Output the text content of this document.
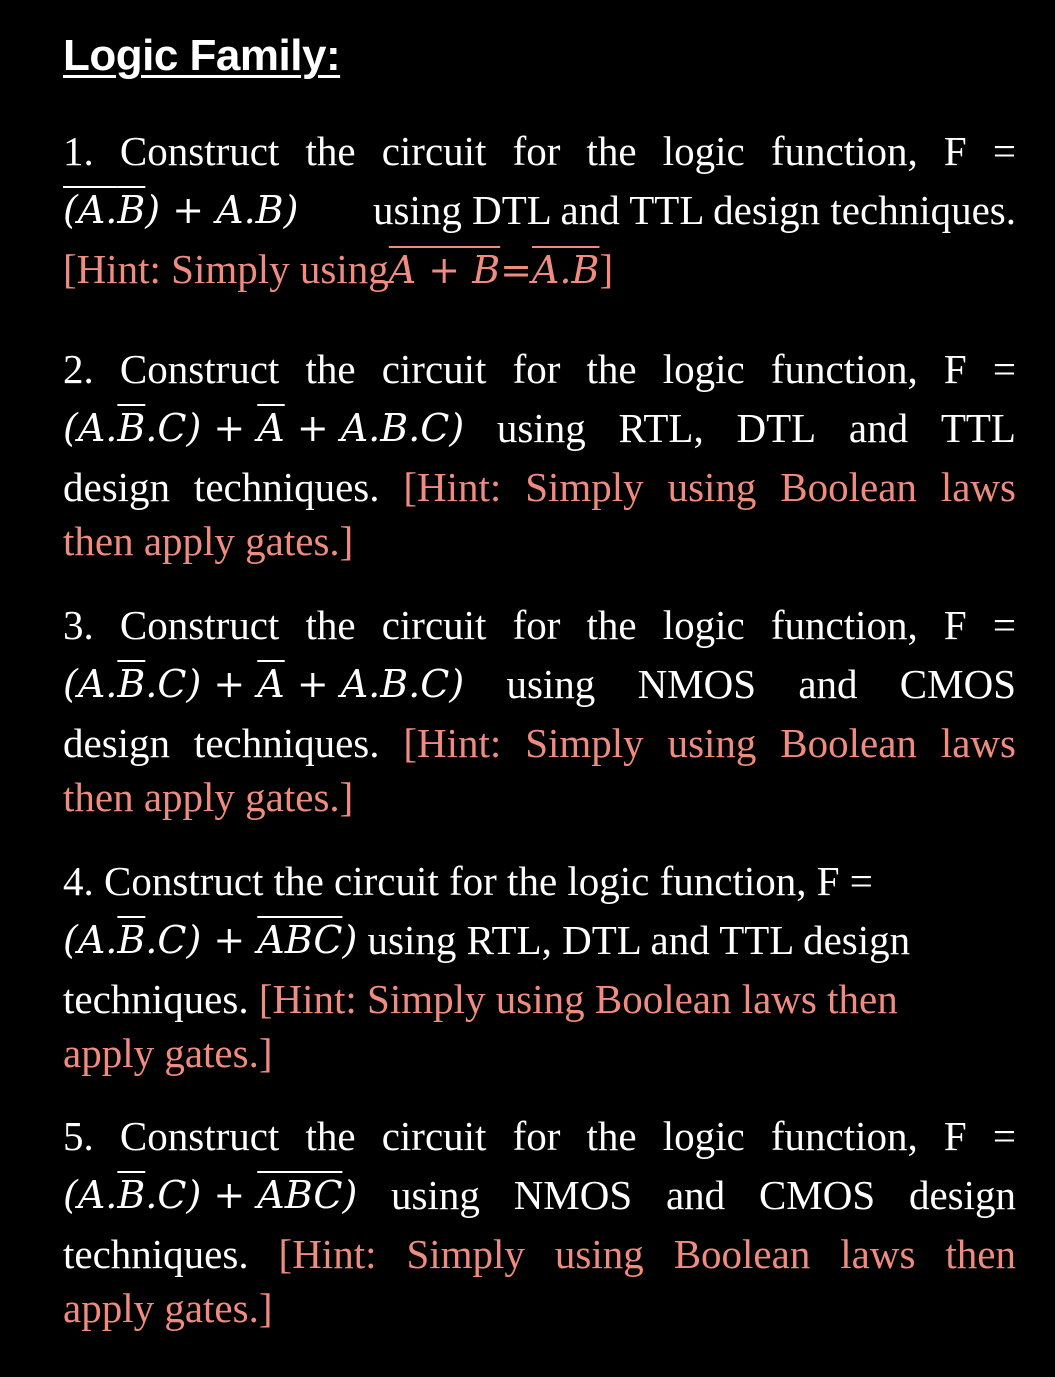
Logic Family:
1. Construct the circuit for the logic function, F =
$(A.\overline{B}) + A.B$) using DTL and TTL design techniques.
[Hint: Simply using A + B = A.B ]
2. Construct the circuit for the logic function, F =
$(A.\overline{B}.C) + \overline{A} + A.B.C$) using RTL, DTL and TTL
design techniques. [Hint: Simply using Boolean laws
then apply gates.]
3. Construct the circuit for the logic function, F =
$(A.\overline{B}.C) + \overline{A} + A.B.C$) using NMOS and CMOS
design techniques. [Hint: Simply using Boolean laws
then apply gates.]
4. Construct the circuit for the logic function, F =
$(A.\overline{B}.C) + \overline{ABC}$) using RTL, DTL and TTL design
techniques. [Hint: Simply using Boolean laws then
apply gates.]
5. Construct the circuit for the logic function, F =
$(A.\overline{B}.C) + \overline{ABC}$) using NMOS and CMOS design
techniques. [Hint: Simply using Boolean laws then
apply gates.]
